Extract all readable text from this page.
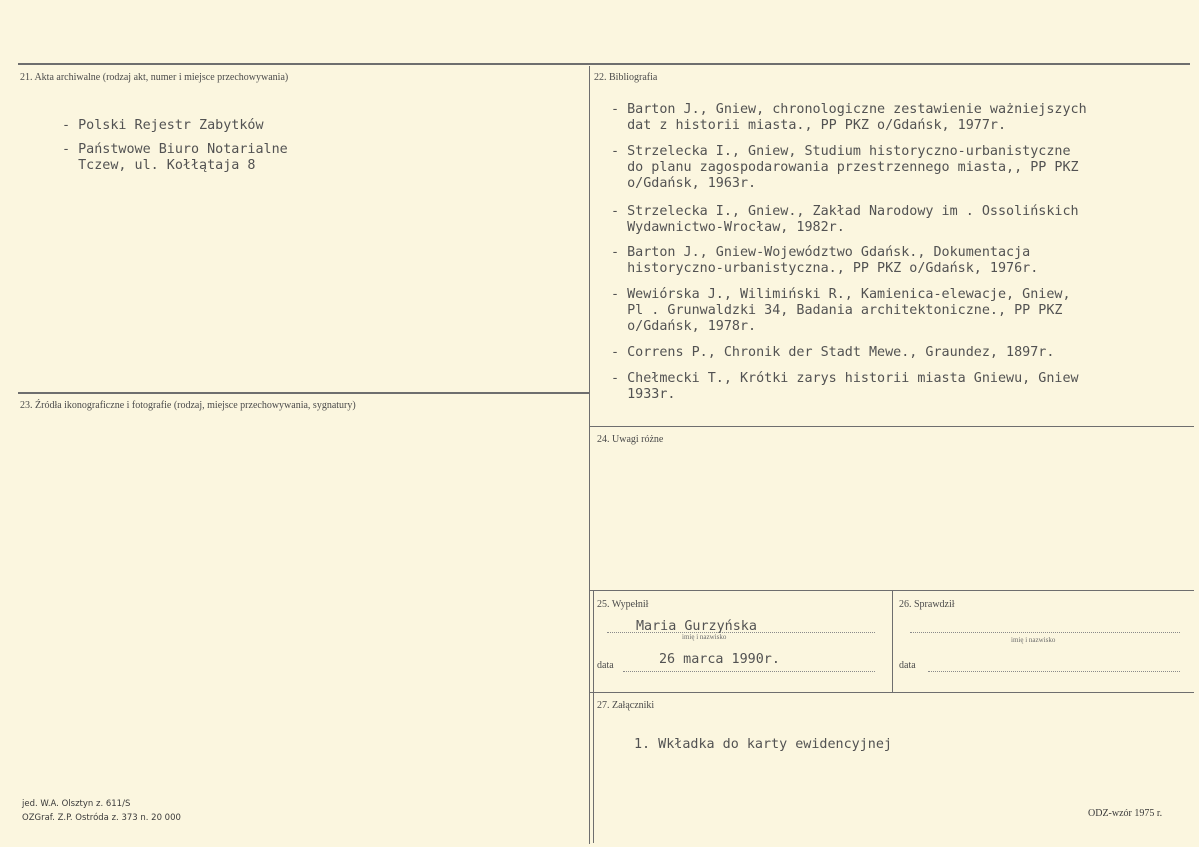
21. Akta archiwalne (rodzaj akt, numer i miejsce przechowywania)
- Polski Rejestr Zabytków
- Państwowe Biuro Notarialne
Tczew, ul. Kołłątaja 8
22. Bibliografia
- Barton J., Gniew, chronologiczne zestawienie ważniejszych
dat z historii miasta., PP PKZ o/Gdańsk, 1977r.
- Strzelecka I., Gniew, Studium historyczno-urbanistyczne
do planu zagospodarowania przestrzennego miasta,, PP PKZ
o/Gdańsk, 1963r.
- Strzelecka I., Gniew., Zakład Narodowy im . Ossolińskich
Wydawnictwo-Wrocław, 1982r.
- Barton J., Gniew-Województwo Gdańsk., Dokumentacja
historyczno-urbanistyczna., PP PKZ o/Gdańsk, 1976r.
- Wewiórska J., Wilimiński R., Kamienica-elewacje, Gniew,
Pl . Grunwaldzki 34, Badania architektoniczne., PP PKZ
o/Gdańsk, 1978r.
- Correns P., Chronik der Stadt Mewe., Graundez, 1897r.
- Chełmecki T., Krótki zarys historii miasta Gniewu, Gniew
1933r.
23. Źródła ikonograficzne i fotografie (rodzaj, miejsce przechowywania, sygnatury)
24. Uwagi różne
25. Wypełnił
Maria Gurzyńska
imię i nazwisko
data	26 marca 1990r.
26. Sprawdził
imię i nazwisko
data
27. Załączniki
1. Wkładka do karty ewidencyjnej
jed. W.A. Olsztyn z. 611/S
OZGraf. Z.P. Ostróda z. 373 n. 20 000	ODZ-wzór 1975 r.
